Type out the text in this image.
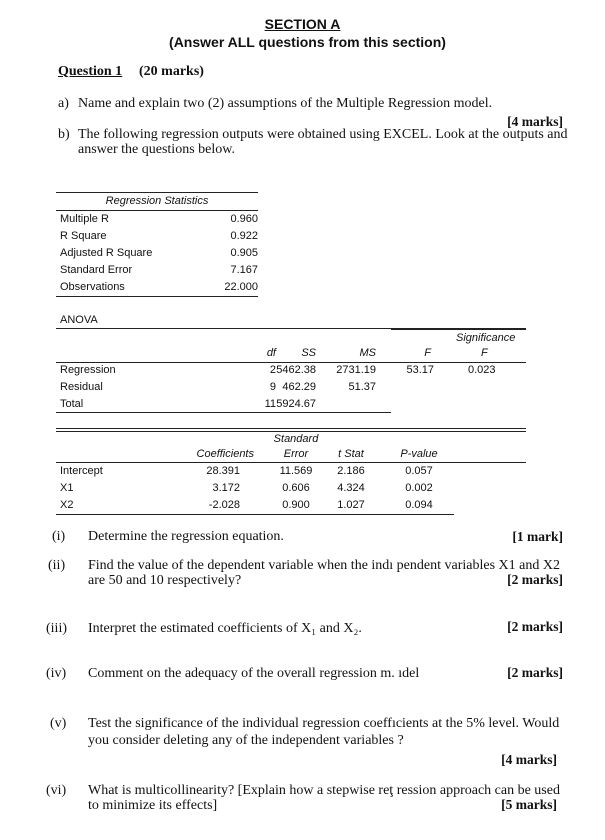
SECTION A
(Answer ALL questions from this section)
Question 1 (20 marks)
a) Name and explain two (2) assumptions of the Multiple Regression model.
[4 marks]
b) The following regression outputs were obtained using EXCEL. Look at the outputs and
answer the questions below.
Regression Statistics
Multiple R	0.960
R Square	0.922
Adjusted R Square	0.905
Standard Error	7.167
Observations	22.000
ANOVA
Significance
df	SS	MS	F	F
Regression	2 5462.38	2731.19	53.17	0.023
Residual	9 462.29	51.37
Total	11 5924.67
Standard
Coefficients	Error	t Stat	P-value
Intercept	28.391	11.569	2.186	0.057
X1	3.172	0.606	4.324	0.002
X2	-2.028	0.900	1.027	0.094
(i) Determine the regression equation.	[1 mark]
(ii) Find the value of the dependent variable when the indı pendent variables X1 and X2
are 50 and 10 respectively?	[2 marks]
(iii) Interpret the estimated coefficients of X₁ and X₂.	[2 marks]
(iv) Comment on the adequacy of the overall regression m. ıdel	[2 marks]
(v) Test the significance of the individual regression coeffıcients at the 5% level. Would
you consider deleting any of the independent variables ?
[4 marks]
(vi) What is multicollinearity? [Explain how a stepwise reţ ression approach can be used
to minimize its effects]	[5 marks]
